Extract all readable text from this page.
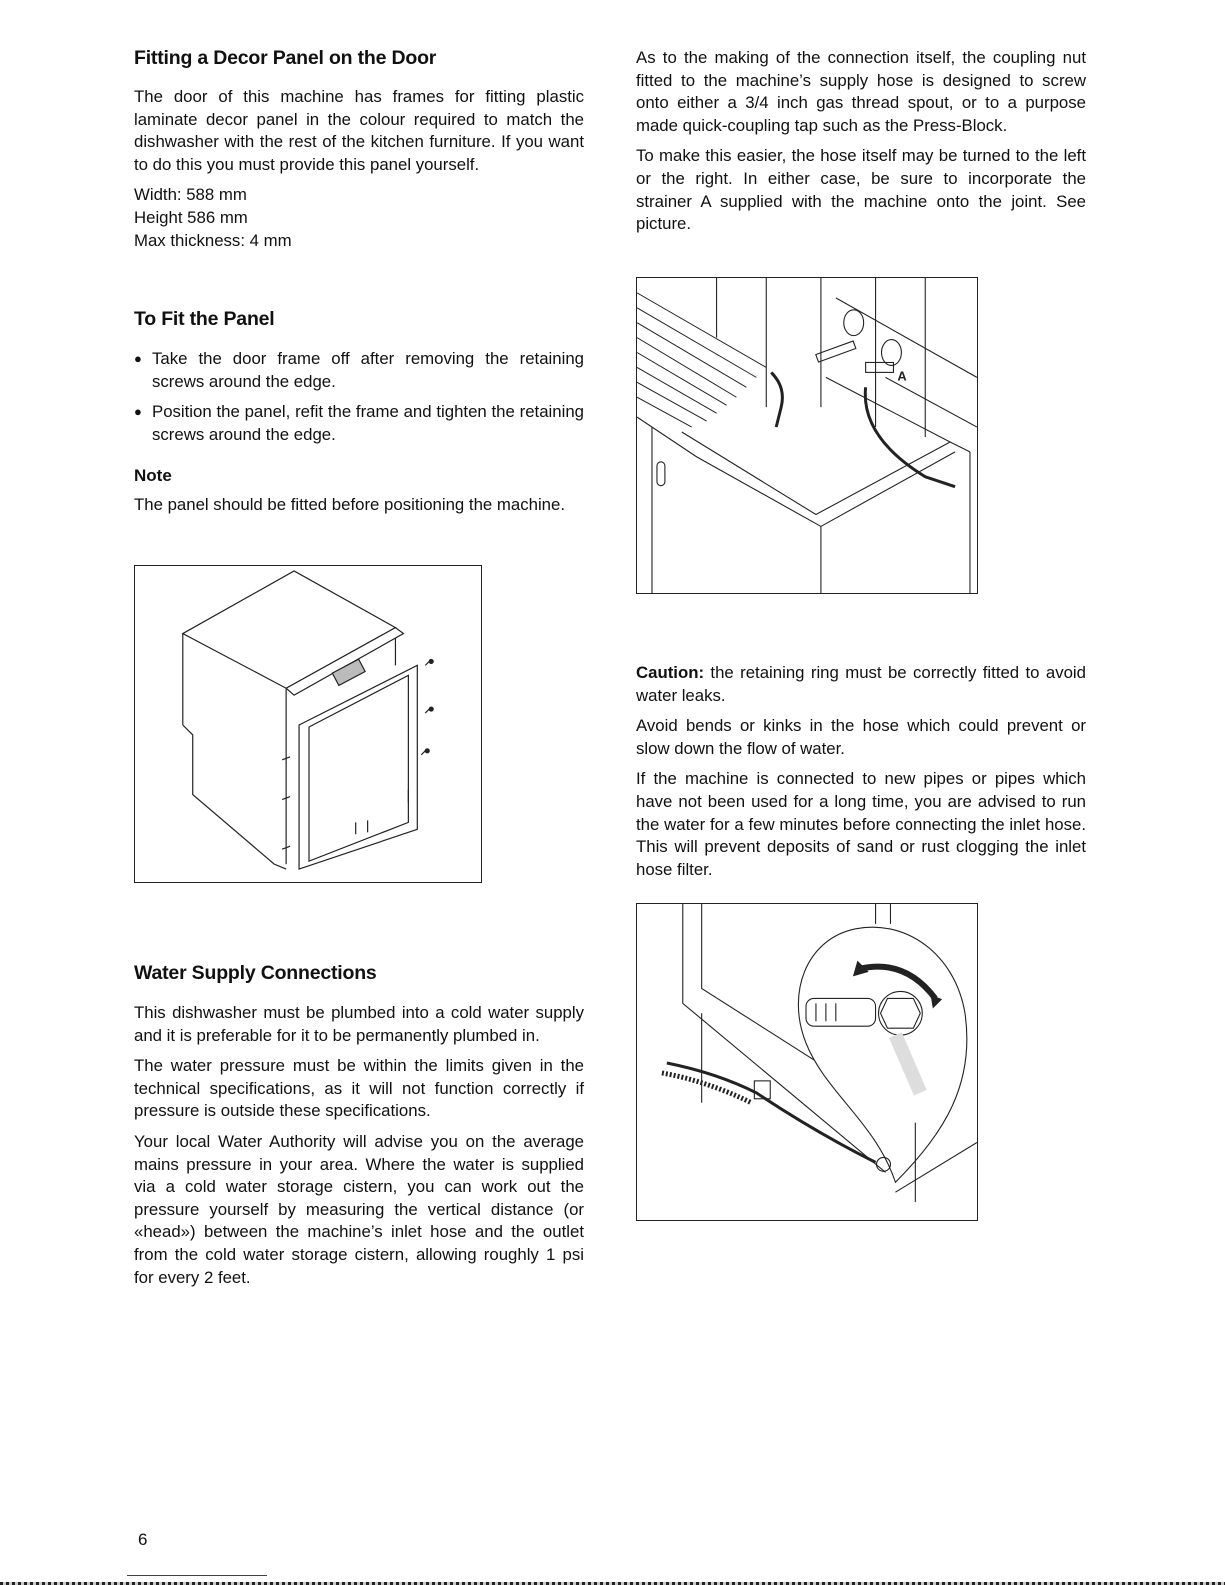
Fitting a Decor Panel on the Door

The door of this machine has frames for fitting plastic laminate decor panel in the colour required to match the dishwasher with the rest of the kitchen furniture. If you want to do this you must provide this panel yourself.

Width: 588 mm

Height 586 mm

Max thickness: 4 mm

To Fit the Panel
● Take the door frame off after removing the retaining screws around the edge.
● Position the panel, refit the frame and tighten the retaining screws around the edge.
Note

The panel should be fitted before positioning the machine.

Water Supply Connections

This dishwasher must be plumbed into a cold water supply and it is preferable for it to be permanently plumbed in.

The water pressure must be within the limits given in the technical specifications, as it will not function correctly if pressure is outside these specifications.

Your local Water Authority will advise you on the average mains pressure in your area. Where the water is supplied via a cold water storage cistern, you can work out the pressure yourself by measuring the vertical distance (or «head») between the machine’s inlet hose and the outlet from the cold water storage cistern, allowing roughly 1 psi for every 2 feet.

As to the making of the connection itself, the coupling nut fitted to the machine’s supply hose is designed to screw onto either a 3/4 inch gas thread spout, or to a purpose made quick-coupling tap such as the Press-Block.

To make this easier, the hose itself may be turned to the left or the right. In either case, be sure to incorporate the strainer A supplied with the machine onto the joint. See picture.

A

Caution: the retaining ring must be correctly fitted to avoid water leaks.

Avoid bends or kinks in the hose which could prevent or slow down the flow of water.

If the machine is connected to new pipes or pipes which have not been used for a long time, you are advised to run the water for a few minutes before connecting the inlet hose. This will prevent deposits of sand or rust clogging the inlet hose filter.

6
